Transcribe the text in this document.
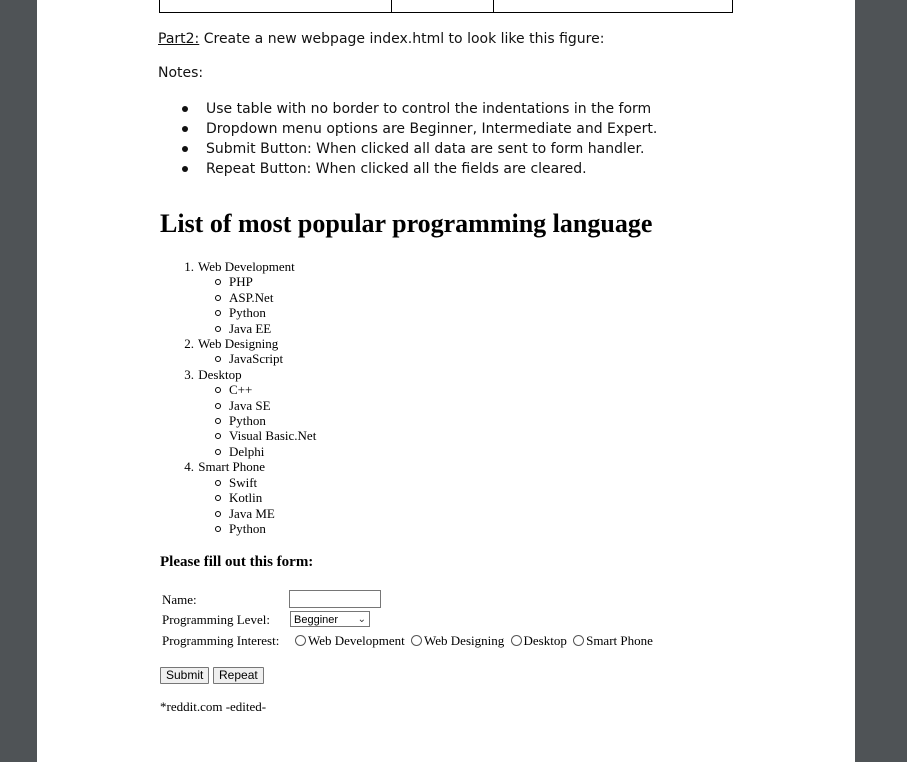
Part2: Create a new webpage index.html to look like this figure:
Notes:
Use table with no border to control the indentations in the form
Dropdown menu options are Beginner, Intermediate and Expert.
Submit Button: When clicked all data are sent to form handler.
Repeat Button: When clicked all the fields are cleared.
List of most popular programming language
1. Web Development
PHP
ASP.Net
Python
Java EE
2. Web Designing
JavaScript
3. Desktop
C++
Java SE
Python
Visual Basic.Net
Delphi
4. Smart Phone
Swift
Kotlin
Java ME
Python
Please fill out this form:
Name:
Programming Level:	Begginer ⌄
Programming Interest:	Web Development Web Designing Desktop Smart Phone
Submit	Repeat
*reddit.com -edited-
